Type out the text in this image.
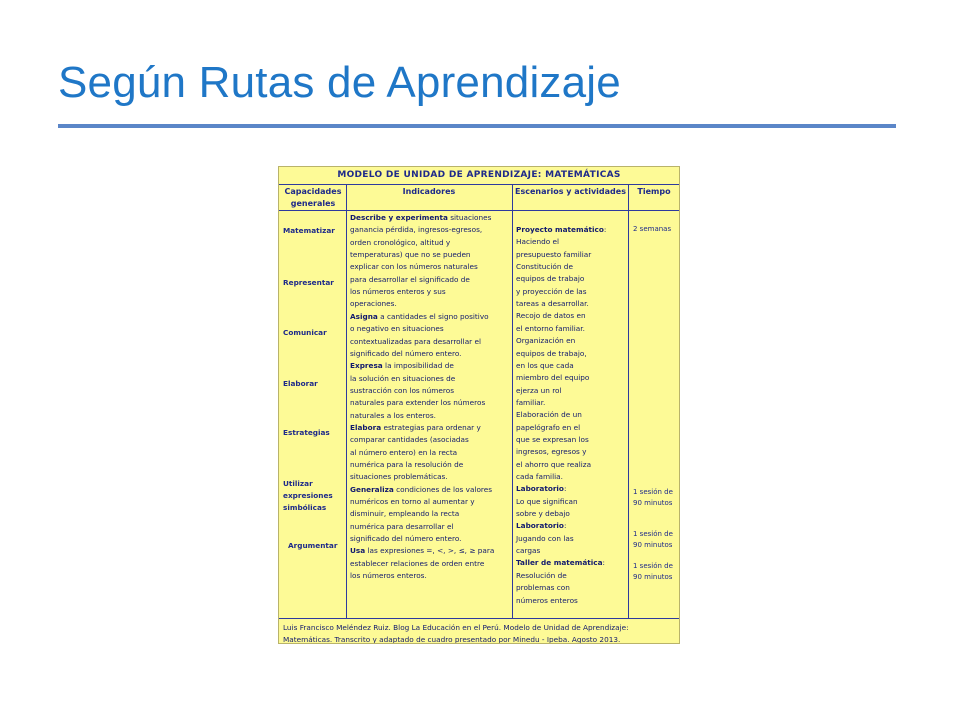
Según Rutas de Aprendizaje
MODELO DE UNIDAD DE APRENDIZAJE: MATEMÁTICAS
Capacidades generales
Indicadores	Escenarios y actividades	Tiempo
Matematizar
Representar
Comunicar
Elaborar
Estrategias
Utilizar expresiones simbólicas
Argumentar
Describe y experimenta situaciones
ganancia pérdida, ingresos-egresos,
orden cronológico, altitud y
temperaturas) que no se pueden
explicar con los números naturales
para desarrollar el significado de
los números enteros y sus
operaciones.
Asigna a cantidades el signo positivo
o negativo en situaciones
contextualizadas para desarrollar el
significado del número entero.
Expresa la imposibilidad de
la solución en situaciones de
sustracción con los números
naturales para extender los números
naturales a los enteros.
Elabora estrategias para ordenar y
comparar cantidades (asociadas
al número entero) en la recta
numérica para la resolución de
situaciones problemáticas.
Generaliza condiciones de los valores
numéricos en torno al aumentar y
disminuir, empleando la recta
numérica para desarrollar el
significado del número entero.
Usa las expresiones =, <, >, ≤, ≥ para
establecer relaciones de orden entre
los números enteros.
Proyecto matemático:
Haciendo el
presupuesto familiar
Constitución de
equipos de trabajo
y proyección de las
tareas a desarrollar.
Recojo de datos en
el entorno familiar.
Organización en
equipos de trabajo,
en los que cada
miembro del equipo
ejerza un rol
familiar.
Elaboración de un
papelógrafo en el
que se expresan los
ingresos, egresos y
el ahorro que realiza
cada familia.
Laboratorio:
Lo que significan
sobre y debajo
Laboratorio:
Jugando con las
cargas
Taller de matemática:
Resolución de
problemas con
números enteros
2 semanas
1 sesión de
90 minutos
1 sesión de
90 minutos
1 sesión de
90 minutos
Luis Francisco Meléndez Ruiz. Blog La Educación en el Perú. Modelo de Unidad de Aprendizaje:
Matemáticas. Transcrito y adaptado de cuadro presentado por Minedu - Ipeba. Agosto 2013.
